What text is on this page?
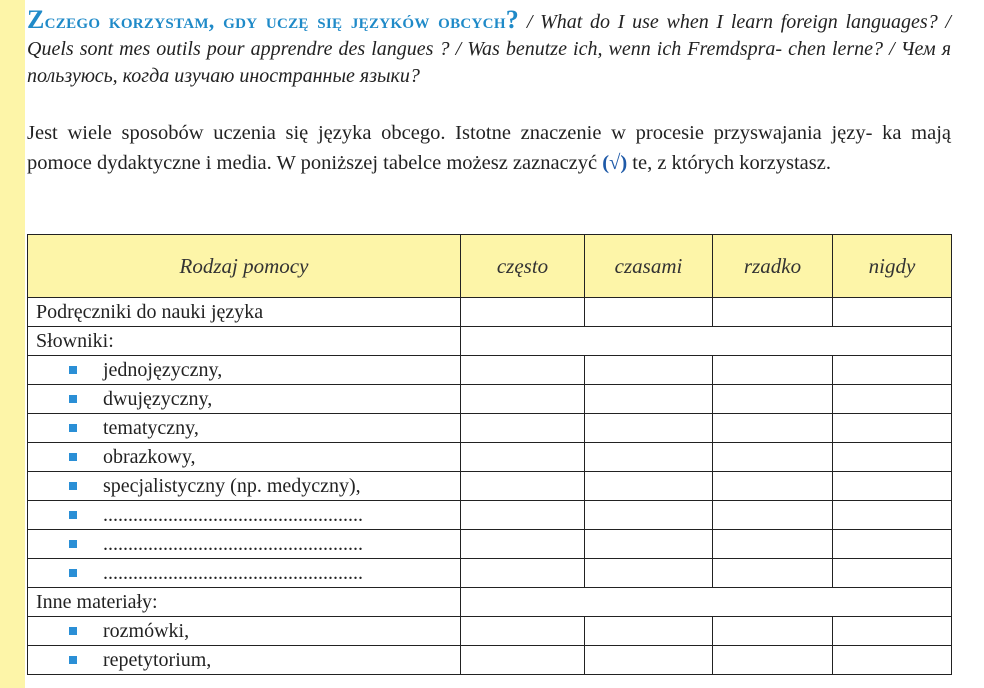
Zczego korzystam, gdy uczę się języków obcych? / What do I use when I learn foreign languages? / Quels sont mes outils pour apprendre des langues ? / Was benutze ich, wenn ich Fremdspra- chen lerne? / Чем я пользуюсь, когда изучаю иностранные языки?

Jest wiele sposobów uczenia się języka obcego. Istotne znaczenie w procesie przyswajania języ- ka mają pomoce dydaktyczne i media. W poniższej tabelce możesz zaznaczyć (√) te, z których korzystasz.

Rodzaj pomocy	często	czasami	rzadko	nigdy
Podręczniki do nauki języka				
Słowniki:				
jednojęzyczny,				
dwujęzyczny,				
tematyczny,				
obrazkowy,				
specjalistyczny (np. medyczny),				
....................................................				
....................................................				
....................................................				
Inne materiały:				
rozmówki,				
repetytorium,				
